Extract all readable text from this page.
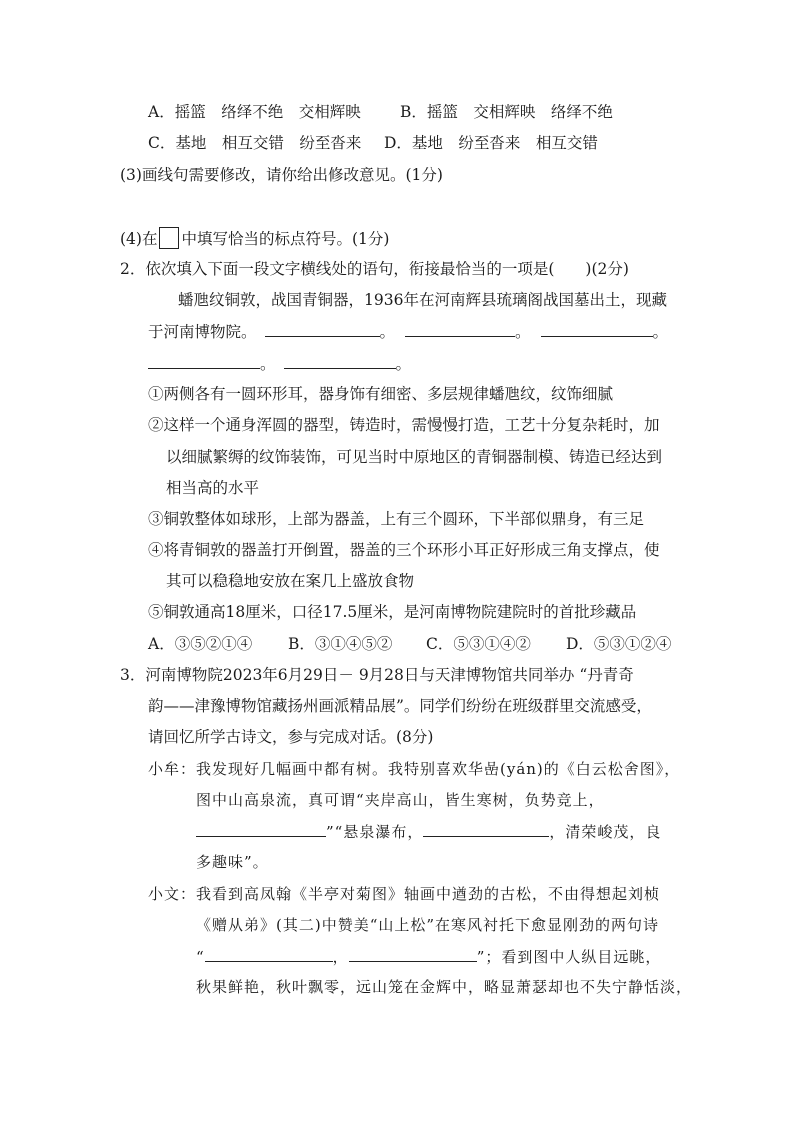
A．摇篮　络绎不绝　交相辉映	B．摇篮　交相辉映　络绎不绝
C．基地　相互交错　纷至沓来 D．基地　纷至沓来　相互交错
(3)画线句需要修改，请你给出修改意见。(1分)
(4)在 中填写恰当的标点符号。(1分)
2．依次填入下面一段文字横线处的语句，衔接最恰当的一项是(　　)(2分)
蟠虺纹铜敦，战国青铜器，1936年在河南辉县琉璃阁战国墓出土，现藏
于河南博物院。	。	。	。
。	。
①两侧各有一圆环形耳，器身饰有细密、多层规律蟠虺纹，纹饰细腻
②这样一个通身浑圆的器型，铸造时，需慢慢打造，工艺十分复杂耗时，加
以细腻繁缛的纹饰装饰，可见当时中原地区的青铜器制模、铸造已经达到
相当高的水平
③铜敦整体如球形，上部为器盖，上有三个圆环，下半部似鼎身，有三足
④将青铜敦的器盖打开倒置，器盖的三个环形小耳正好形成三角支撑点，使
其可以稳稳地安放在案几上盛放食物
⑤铜敦通高18厘米，口径17.5厘米，是河南博物院建院时的首批珍藏品
A．③⑤②①④ B．③①④⑤② C．⑤③①④② D．⑤③①②④
3．河南博物院2023年6月29日－ 9月28日与天津博物馆共同举办 “丹青奇
韵——津豫博物馆藏扬州画派精品展”。同学们纷纷在班级群里交流感受，
请回忆所学古诗文，参与完成对话。(8分)
小牟：我发现好几幅画中都有树。我特别喜欢华嵒(yán)的《白云松舍图》，
图中山高泉流，真可谓“夹岸高山，皆生寒树，负势竞上，
”“悬泉瀑布，	，清荣峻茂，良
多趣味”。
小文：我看到高凤翰《半亭对菊图》轴画中遒劲的古松，不由得想起刘桢
《赠从弟》(其二)中赞美“山上松”在寒风衬托下愈显刚劲的两句诗
“	，	”；看到图中人纵目远眺，
秋果鲜艳，秋叶飘零，远山笼在金辉中，略显萧瑟却也不失宁静恬淡，
